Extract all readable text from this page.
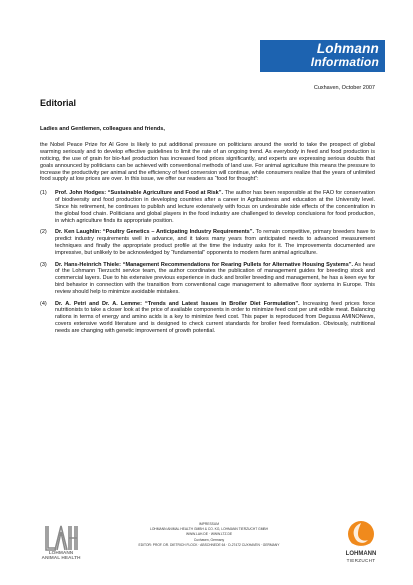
Lohmann
Information
Cuxhaven, October 2007
Editorial

Ladies and Gentlemen, colleagues and friends,

the Nobel Peace Prize for Al Gore is likely to put additional pressure on politicians around the world to take the prospect of global warming seriously and to develop effective guidelines to limit the rate of an ongoing trend. As everybody in feed and food production is noticing, the use of grain for bio-fuel production has increased food prices significantly, and experts are expressing serious doubts that goals announced by politicians can be achieved with conventional methods of land use. For animal agriculture this means the pressure to increase the productivity per animal and the efficiency of feed conversion will continue, while consumers realize that the years of unlimited food supply at low prices are over. In this issue, we offer our readers as “food for thought”:

(1) Prof. John Hodges: “Sustainable Agriculture and Food at Risk”. The author has been responsible at the FAO for conservation of biodiversity and food production in developing countries after a career in Agribusiness and education at the University level. Since his retirement, he continues to publish and lecture extensively with focus on undesirable side effects of the concentration in the global food chain. Politicians and global players in the food industry are challenged to develop conclusions for food production, in which agriculture finds its appropriate position.
(2) Dr. Ken Laughlin: “Poultry Genetics – Anticipating Industry Requirements”. To remain competitive, primary breeders have to predict industry requirements well in advance, and it takes many years from anticipated needs to advanced measurement techniques and finally the appropriate product profile at the time the industry asks for it. The improvements documented are impressive, but unlikely to be acknowledged by “fundamental” opponents to modern farm animal agriculture.
(3) Dr. Hans-Heinrich Thiele: “Management Recommendations for Rearing Pullets for Alternative Housing Systems”. As head of the Lohmann Tierzucht service team, the author coordinates the publication of management guides for breeding stock and commercial layers. Due to his extensive previous experience in duck and broiler breeding and management, he has a keen eye for bird behavior in connection with the transition from conventional cage management to alternative floor systems in Europe. This review should help to minimize avoidable mistakes.
(4) Dr. A. Petri and Dr. A. Lemme: “Trends and Latest Issues in Broiler Diet Formulation”. Increasing feed prices force nutritionists to take a closer look at the price of available components in order to minimize feed cost per unit edible meat. Balancing rations in terms of energy and amino acids is a key to minimize feed cost. This paper is reproduced from Degussa AMINONews, covers extensive world literature and is designed to check current standards for broiler feed formulation. Obviously, nutritional needs are changing with genetic improvement of growth potential.
LOHMANN
ANIMAL HEALTH
IMPRESSUM
LOHMANN ANIMAL HEALTH GMBH & CO. KG, LOHMANN TIERZUCHT GMBH
WWW.LAH.DE · WWW.LTZ.DE
Cuxhaven, Germany
EDITOR: PROF. DR. DIETRICH FLOCK · ABSCHNEDE 64 · D-27472 CUXHAVEN · GERMANY
LOHMANN
TIERZUCHT
